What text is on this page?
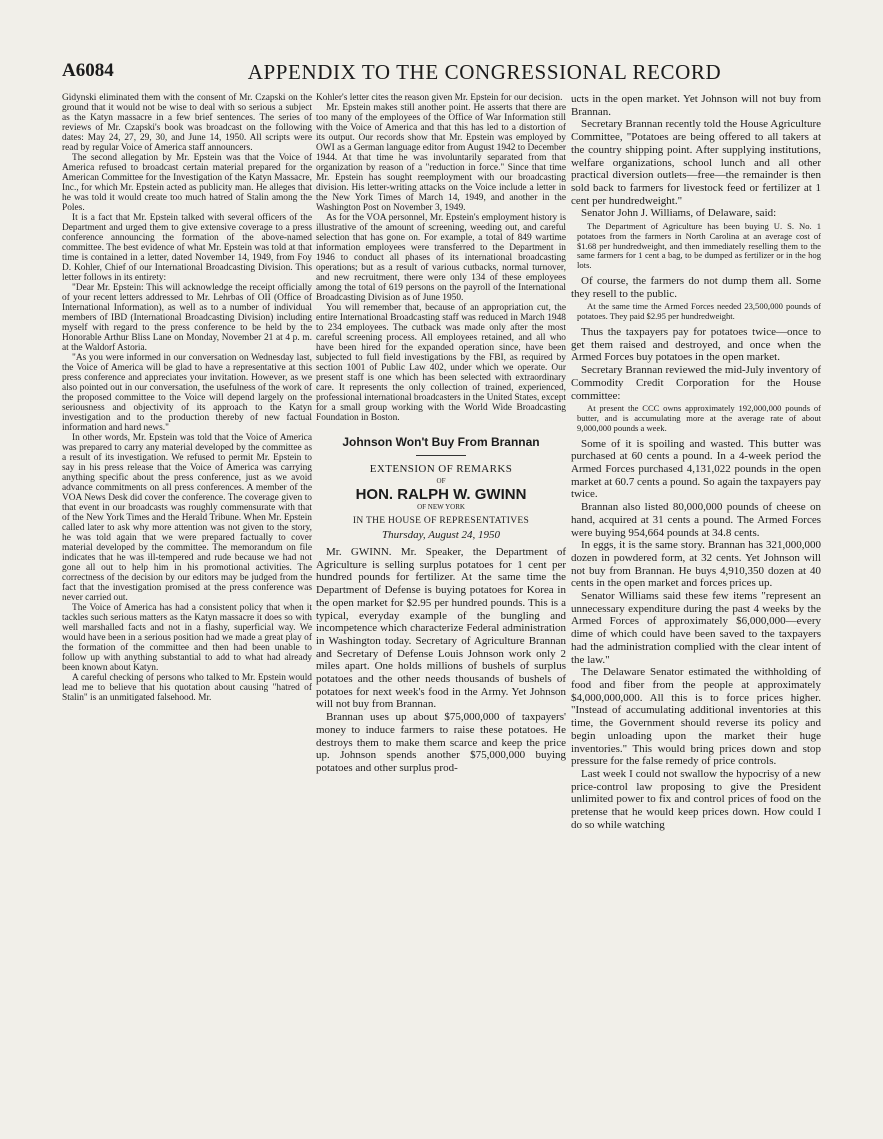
A6084	APPENDIX TO THE CONGRESSIONAL RECORD

Gidynski eliminated them with the consent of Mr. Czapski on the ground that it would not be wise to deal with so serious a subject as the Katyn massacre in a few brief sentences. The series of reviews of Mr. Czapski's book was broadcast on the following dates: May 24, 27, 29, 30, and June 14, 1950. All scripts were read by regular Voice of America staff announcers.

The second allegation by Mr. Epstein was that the Voice of America refused to broadcast certain material prepared for the American Committee for the Investigation of the Katyn Massacre, Inc., for which Mr. Epstein acted as publicity man. He alleges that he was told it would create too much hatred of Stalin among the Poles.

It is a fact that Mr. Epstein talked with several officers of the Department and urged them to give extensive coverage to a press conference announcing the formation of the above-named committee. The best evidence of what Mr. Epstein was told at that time is contained in a letter, dated November 14, 1949, from Foy D. Kohler, Chief of our International Broadcasting Division. This letter follows in its entirety:

"Dear Mr. Epstein: This will acknowledge the receipt officially of your recent letters addressed to Mr. Lehrbas of OII (Office of International Information), as well as to a number of individual members of IBD (International Broadcasting Division) including myself with regard to the press conference to be held by the Honorable Arthur Bliss Lane on Monday, November 21 at 4 p. m. at the Waldorf Astoria.

"As you were informed in our conversation on Wednesday last, the Voice of America will be glad to have a representative at this press conference and appreciates your invitation. However, as we also pointed out in our conversation, the usefulness of the work of the proposed committee to the Voice will depend largely on the seriousness and objectivity of its approach to the Katyn investigation and to the production thereby of new factual information and hard news."

In other words, Mr. Epstein was told that the Voice of America was prepared to carry any material developed by the committee as a result of its investigation. We refused to permit Mr. Epstein to say in his press release that the Voice of America was carrying anything specific about the press conference, just as we avoid advance commitments on all press conferences. A member of the VOA News Desk did cover the conference. The coverage given to that event in our broadcasts was roughly commensurate with that of the New York Times and the Herald Tribune. When Mr. Epstein called later to ask why more attention was not given to the story, he was told again that we were prepared factually to cover material developed by the committee. The memorandum on file indicates that he was ill-tempered and rude because we had not gone all out to help him in his promotional activities. The correctness of the decision by our editors may be judged from the fact that the investigation promised at the press conference was never carried out.

The Voice of America has had a consistent policy that when it tackles such serious matters as the Katyn massacre it does so with well marshalled facts and not in a flashy, superficial way. We would have been in a serious position had we made a great play of the formation of the committee and then had been unable to follow up with anything substantial to add to what had already been known about Katyn.

A careful checking of persons who talked to Mr. Epstein would lead me to believe that his quotation about causing "hatred of Stalin" is an unmitigated falsehood. Mr.

Kohler's letter cites the reason given Mr. Epstein for our decision.

Mr. Epstein makes still another point. He asserts that there are too many of the employees of the Office of War Information still with the Voice of America and that this has led to a distortion of its output. Our records show that Mr. Epstein was employed by OWI as a German language editor from August 1942 to December 1944. At that time he was involuntarily separated from that organization by reason of a "reduction in force." Since that time Mr. Epstein has sought reemployment with our broadcasting division. His letter-writing attacks on the Voice include a letter in the New York Times of March 14, 1949, and another in the Washington Post on November 3, 1949.

As for the VOA personnel, Mr. Epstein's employment history is illustrative of the amount of screening, weeding out, and careful selection that has gone on. For example, a total of 849 wartime information employees were transferred to the Department in 1946 to conduct all phases of its international broadcasting operations; but as a result of various cutbacks, normal turnover, and new recruitment, there were only 134 of these employees among the total of 619 persons on the payroll of the International Broadcasting Division as of June 1950.

You will remember that, because of an appropriation cut, the entire International Broadcasting staff was reduced in March 1948 to 234 employees. The cutback was made only after the most careful screening process. All employees retained, and all who have been hired for the expanded operation since, have been subjected to full field investigations by the FBI, as required by section 1001 of Public Law 402, under which we operate. Our present staff is one which has been selected with extraordinary care. It represents the only collection of trained, experienced, professional international broadcasters in the United States, except for a small group working with the World Wide Broadcasting Foundation in Boston.

Johnson Won't Buy From Brannan
EXTENSION OF REMARKS
OF
HON. RALPH W. GWINN
OF NEW YORK
IN THE HOUSE OF REPRESENTATIVES
Thursday, August 24, 1950

Mr. GWINN. Mr. Speaker, the Department of Agriculture is selling surplus potatoes for 1 cent per hundred pounds for fertilizer. At the same time the Department of Defense is buying potatoes for Korea in the open market for $2.95 per hundred pounds. This is a typical, everyday example of the bungling and incompetence which characterize Federal administration in Washington today. Secretary of Agriculture Brannan and Secretary of Defense Louis Johnson work only 2 miles apart. One holds millions of bushels of surplus potatoes and the other needs thousands of bushels of potatoes for next week's food in the Army. Yet Johnson will not buy from Brannan.

Brannan uses up about $75,000,000 of taxpayers' money to induce farmers to raise these potatoes. He destroys them to make them scarce and keep the price up. Johnson spends another $75,000,000 buying potatoes and other surplus prod-

ucts in the open market. Yet Johnson will not buy from Brannan.

Secretary Brannan recently told the House Agriculture Committee, "Potatoes are being offered to all takers at the country shipping point. After supplying institutions, welfare organizations, school lunch and all other practical diversion outlets—free—the remainder is then sold back to farmers for livestock feed or fertilizer at 1 cent per hundredweight."

Senator John J. Williams, of Delaware, said:

The Department of Agriculture has been buying U. S. No. 1 potatoes from the farmers in North Carolina at an average cost of $1.68 per hundredweight, and then immediately reselling them to the same farmers for 1 cent a bag, to be dumped as fertilizer or in the hog lots.

Of course, the farmers do not dump them all. Some they resell to the public.

At the same time the Armed Forces needed 23,500,000 pounds of potatoes. They paid $2.95 per hundredweight.

Thus the taxpayers pay for potatoes twice—once to get them raised and destroyed, and once when the Armed Forces buy potatoes in the open market.

Secretary Brannan reviewed the mid-July inventory of Commodity Credit Corporation for the House committee:

At present the CCC owns approximately 192,000,000 pounds of butter, and is accumulating more at the average rate of about 9,000,000 pounds a week.

Some of it is spoiling and wasted. This butter was purchased at 60 cents a pound. In a 4-week period the Armed Forces purchased 4,131,022 pounds in the open market at 60.7 cents a pound. So again the taxpayers pay twice.

Brannan also listed 80,000,000 pounds of cheese on hand, acquired at 31 cents a pound. The Armed Forces were buying 954,664 pounds at 34.8 cents.

In eggs, it is the same story. Brannan has 321,000,000 dozen in powdered form, at 32 cents. Yet Johnson will not buy from Brannan. He buys 4,910,350 dozen at 40 cents in the open market and forces prices up.

Senator Williams said these few items "represent an unnecessary expenditure during the past 4 weeks by the Armed Forces of approximately $6,000,000—every dime of which could have been saved to the taxpayers had the administration complied with the clear intent of the law."

The Delaware Senator estimated the withholding of food and fiber from the people at approximately $4,000,000,000. All this is to force prices higher. "Instead of accumulating additional inventories at this time, the Government should reverse its policy and begin unloading upon the market their huge inventories." This would bring prices down and stop pressure for the false remedy of price controls.

Last week I could not swallow the hypocrisy of a new price-control law proposing to give the President unlimited power to fix and control prices of food on the pretense that he would keep prices down. How could I do so while watching
